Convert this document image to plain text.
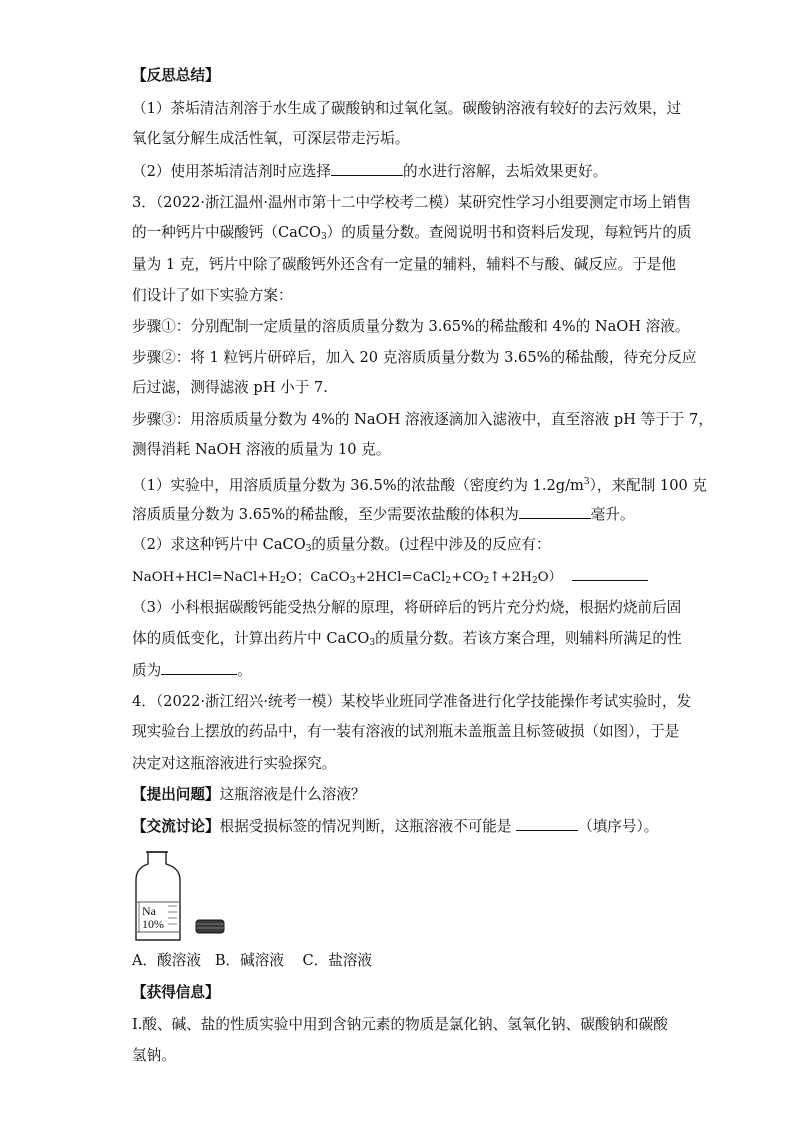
【反思总结】
（1）茶垢清洁剂溶于水生成了碳酸钠和过氧化氢。碳酸钠溶液有较好的去污效果，过
氧化氢分解生成活性氧，可深层带走污垢。
（2）使用茶垢清洁剂时应选择	的水进行溶解，去垢效果更好。
3．（2022·浙江温州·温州市第十二中学校考二模）某研究性学习小组要测定市场上销售
的一种钙片中碳酸钙（CaCO$_3$）的质量分数。查阅说明书和资料后发现，每粒钙片的质
量为 1 克，钙片中除了碳酸钙外还含有一定量的辅料，辅料不与酸、碱反应。于是他
们设计了如下实验方案：
步骤①：分别配制一定质量的溶质质量分数为 3.65%的稀盐酸和 4%的 NaOH 溶液。
步骤②：将 1 粒钙片研碎后，加入 20 克溶质质量分数为 3.65%的稀盐酸，待充分反应
后过滤，测得滤液 pH 小于 7.
步骤③：用溶质质量分数为 4%的 NaOH 溶液逐滴加入滤液中，直至溶液 pH 等于于 7，
测得消耗 NaOH 溶液的质量为 10 克。
（1）实验中，用溶质质量分数为 36.5%的浓盐酸（密度约为 $1.2g/m^3$），来配制 100 克
溶质质量分数为 3.65%的稀盐酸，至少需要浓盐酸的体积为	毫升。
（2）求这种钙片中 CaCO$_3$的质量分数。(过程中涉及的反应有：
$NaOH+HCl=NaCl+H_2O$；$CaCO_3+2HCl=CaCl_2+CO_2↑+2H_2O$）
（3）小科根据碳酸钙能受热分解的原理，将研碎后的钙片充分灼烧，根据灼烧前后固
体的质低变化，计算出药片中 CaCO$_3$的质量分数。若该方案合理，则辅料所满足的性
质为	。
4．（2022·浙江绍兴·统考一模）某校毕业班同学准备进行化学技能操作考试实验时，发
现实验台上摆放的药品中，有一装有溶液的试剂瓶未盖瓶盖且标签破损（如图），于是
决定对这瓶溶液进行实验探究。
【提出问题】这瓶溶液是什么溶液？
【交流讨论】根据受损标签的情况判断，这瓶溶液不可能是	（填序号）。
Na
10%
A．酸溶液   B．碱溶液    C．盐溶液
【获得信息】
Ⅰ.酸、碱、盐的性质实验中用到含钠元素的物质是氯化钠、氢氧化钠、碳酸钠和碳酸
氢钠。
